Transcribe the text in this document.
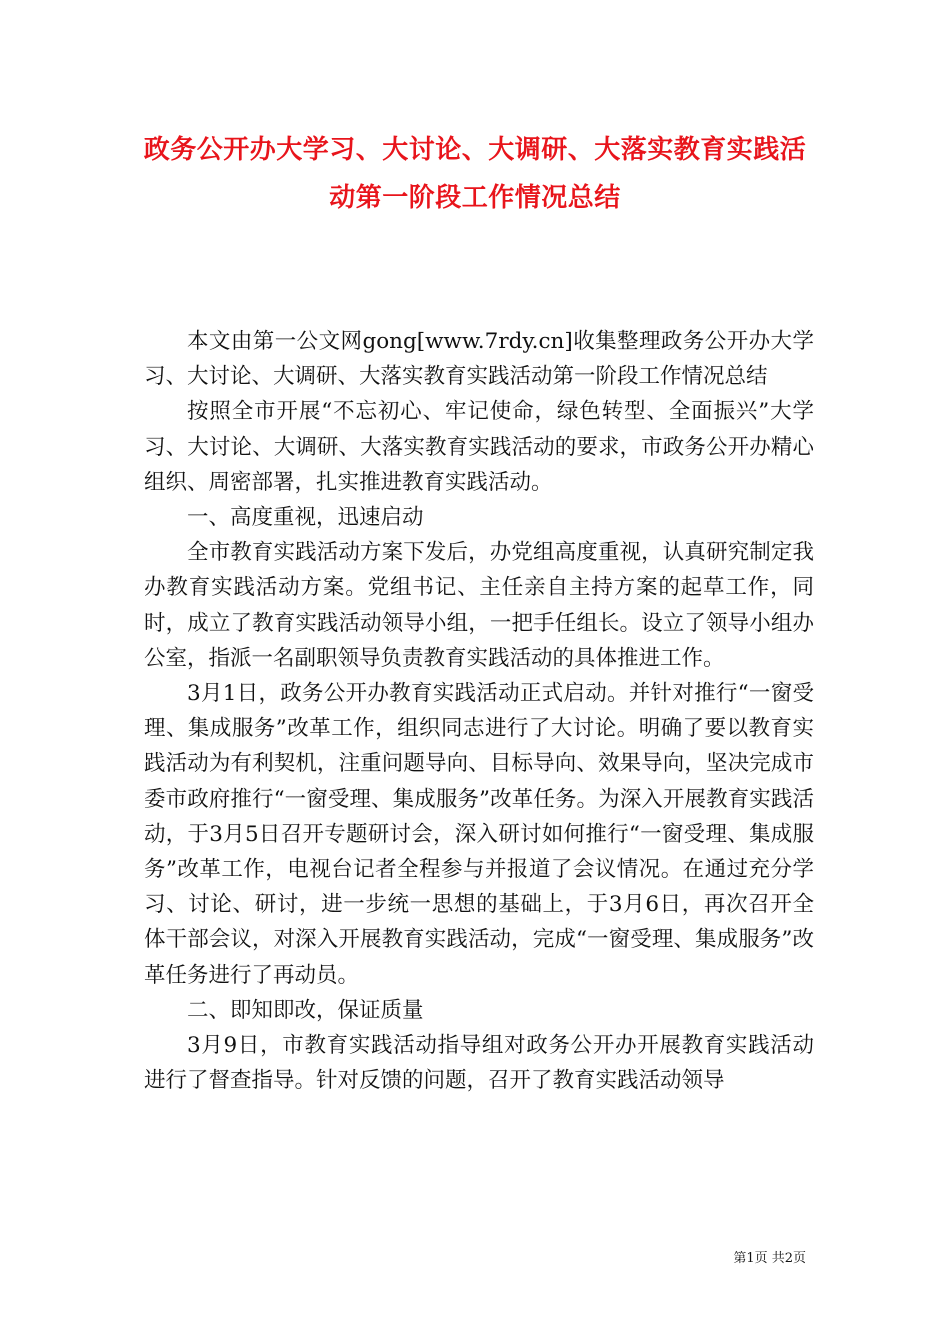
政务公开办大学习、大讨论、大调研、大落实教育实践活
动第一阶段工作情况总结

本文由第一公文网gong[www.7rdy.cn]收集整理政务公开办大学习、大讨论、大调研、大落实教育实践活动第一阶段工作情况总结

按照全市开展“不忘初心、牢记使命，绿色转型、全面振兴”大学习、大讨论、大调研、大落实教育实践活动的要求，市政务公开办精心组织、周密部署，扎实推进教育实践活动。

一、高度重视，迅速启动

全市教育实践活动方案下发后，办党组高度重视，认真研究制定我办教育实践活动方案。党组书记、主任亲自主持方案的起草工作，同时，成立了教育实践活动领导小组，一把手任组长。设立了领导小组办公室，指派一名副职领导负责教育实践活动的具体推进工作。

3月1日，政务公开办教育实践活动正式启动。并针对推行“一窗受理、集成服务”改革工作，组织同志进行了大讨论。明确了要以教育实践活动为有利契机，注重问题导向、目标导向、效果导向，坚决完成市委市政府推行“一窗受理、集成服务”改革任务。为深入开展教育实践活动，于3月5日召开专题研讨会，深入研讨如何推行“一窗受理、集成服务”改革工作，电视台记者全程参与并报道了会议情况。在通过充分学习、讨论、研讨，进一步统一思想的基础上，于3月6日，再次召开全体干部会议，对深入开展教育实践活动，完成“一窗受理、集成服务”改革任务进行了再动员。

二、即知即改，保证质量

3月9日，市教育实践活动指导组对政务公开办开展教育实践活动进行了督查指导。针对反馈的问题，召开了教育实践活动领导

第1页 共2页
